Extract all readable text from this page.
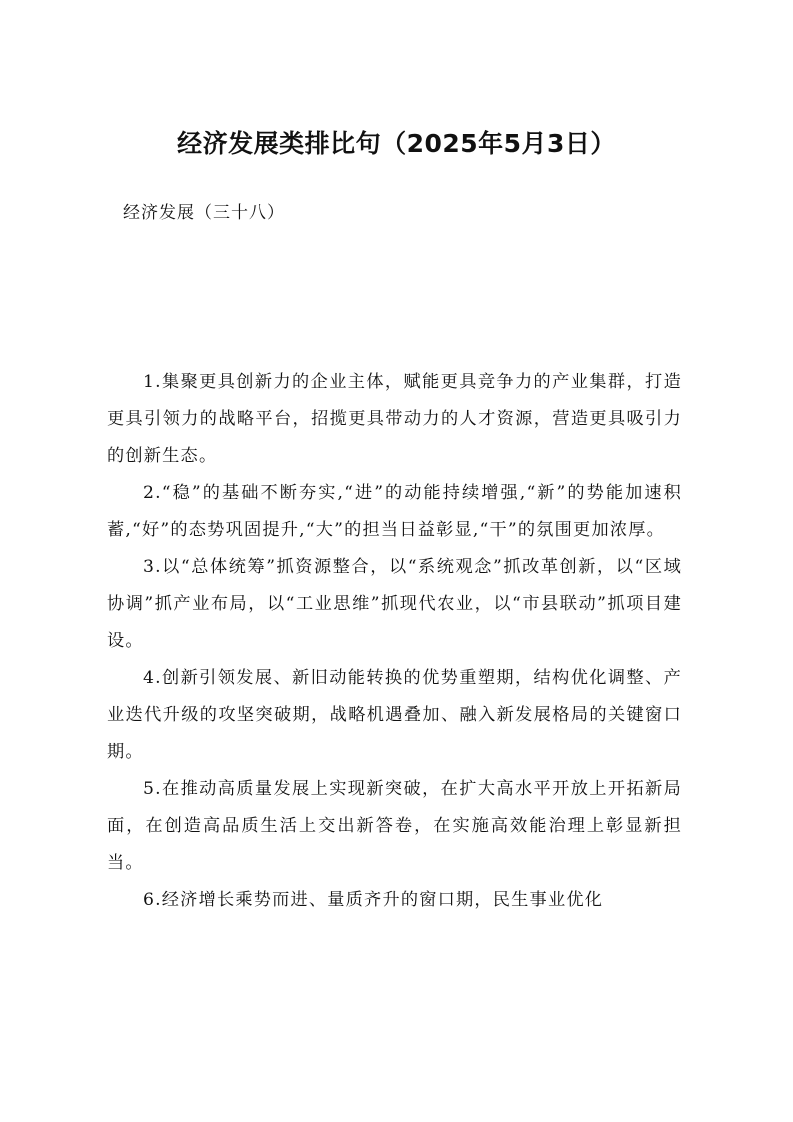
经济发展类排比句（2025年5月3日）

经济发展（三十八）

1.集聚更具创新力的企业主体，赋能更具竞争力的产业集群，打造更具引领力的战略平台，招揽更具带动力的人才资源，营造更具吸引力的创新生态。

2.“稳”的基础不断夯实,“进”的动能持续增强,“新”的势能加速积蓄,“好”的态势巩固提升,“大”的担当日益彰显,“干”的氛围更加浓厚。

3.以“总体统筹”抓资源整合，以“系统观念”抓改革创新，以“区域协调”抓产业布局，以“工业思维”抓现代农业，以“市县联动”抓项目建设。

4.创新引领发展、新旧动能转换的优势重塑期，结构优化调整、产业迭代升级的攻坚突破期，战略机遇叠加、融入新发展格局的关键窗口期。

5.在推动高质量发展上实现新突破，在扩大高水平开放上开拓新局面，在创造高品质生活上交出新答卷，在实施高效能治理上彰显新担当。

6.经济增长乘势而进、量质齐升的窗口期，民生事业优化
